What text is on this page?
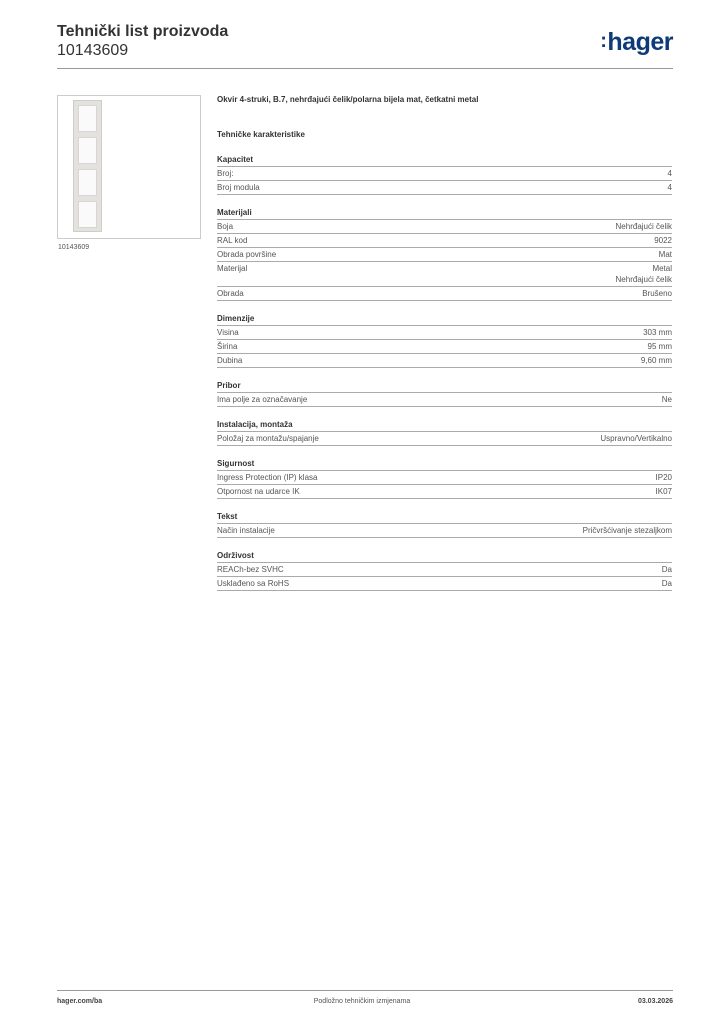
Tehnički list proizvoda
10143609	:hager
10143609
Okvir 4-struki, B.7, nehrđajući čelik/polarna bijela mat, četkatni metal
Tehničke karakteristike
Kapacitet
Broj:	4
Broj modula	4
Materijali
Boja	Nehrđajući čelik
RAL kod	9022
Obrada površine	Mat
Materijal	Metal
Nehrđajući čelik
Obrada	Brušeno
Dimenzije
Visina	303 mm
Širina	95 mm
Dubina	9,60 mm
Pribor
Ima polje za označavanje	Ne
Instalacija, montaža
Položaj za montažu/spajanje	Uspravno/Vertikalno
Sigurnost
Ingress Protection (IP) klasa	IP20
Otpornost na udarce IK	IK07
Tekst
Način instalacije	Pričvršćivanje stezaljkom
Održivost
REACh-bez SVHC	Da
Usklađeno sa RoHS	Da
hager.com/ba	Podložno tehničkim izmjenama	03.03.2026
